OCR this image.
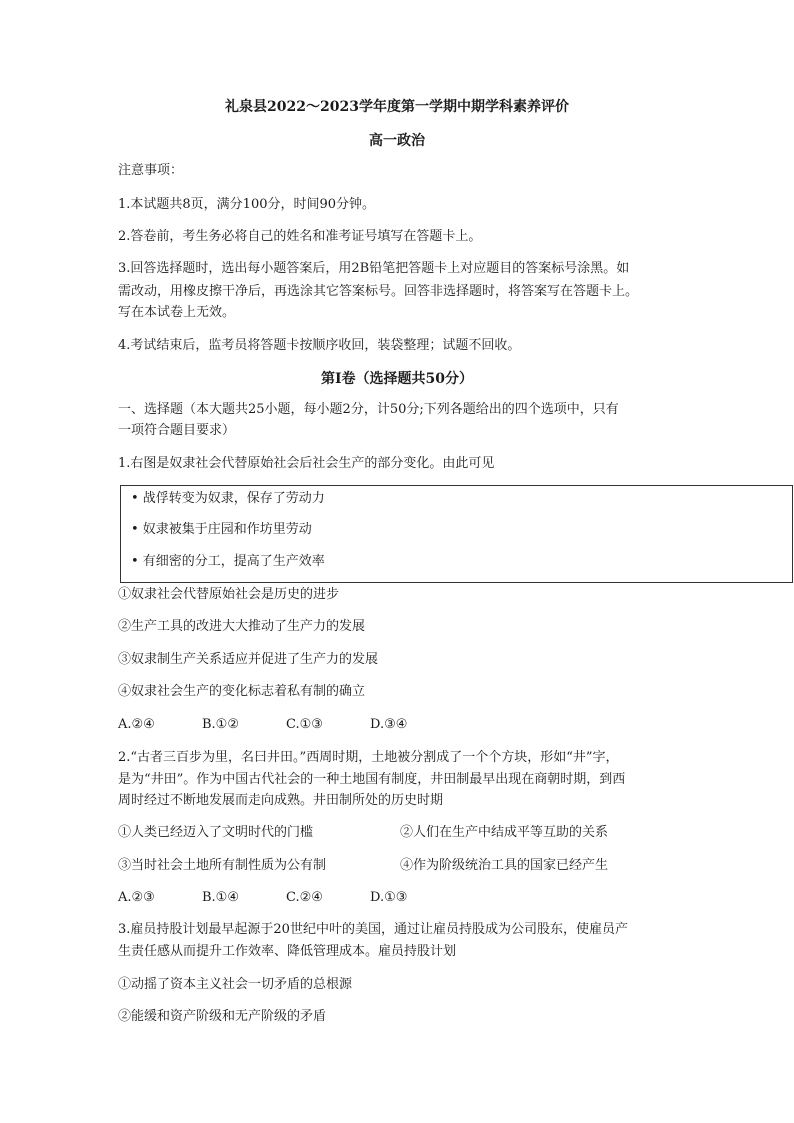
礼泉县2022～2023学年度第一学期中期学科素养评价
高一政治
注意事项：
1.本试题共8页，满分100分，时间90分钟。
2.答卷前，考生务必将自己的姓名和准考证号填写在答题卡上。
3.回答选择题时，选出每小题答案后，用2B铅笔把答题卡上对应题目的答案标号涂黑。如
需改动，用橡皮擦干净后，再选涂其它答案标号。回答非选择题时，将答案写在答题卡上。
写在本试卷上无效。
4.考试结束后，监考员将答题卡按顺序收回，装袋整理；试题不回收。
第Ⅰ卷（选择题共50分）
一、选择题（本大题共25小题，每小题2分，计50分;下列各题给出的四个选项中，只有
一项符合题目要求）
1.右图是奴隶社会代替原始社会后社会生产的部分变化。由此可见
• 战俘转变为奴隶，保存了劳动力
• 奴隶被集于庄园和作坊里劳动
• 有细密的分工，提高了生产效率
①奴隶社会代替原始社会是历史的进步
②生产工具的改进大大推动了生产力的发展
③奴隶制生产关系适应并促进了生产力的发展
④奴隶社会生产的变化标志着私有制的确立
A.②④	B.①②	C.①③	D.③④
2.“古者三百步为里，名曰井田。”西周时期，土地被分割成了一个个方块，形如“井”字，
是为“井田”。作为中国古代社会的一种土地国有制度，井田制最早出现在商朝时期，到西
周时经过不断地发展而走向成熟。井田制所处的历史时期
①人类已经迈入了文明时代的门槛	②人们在生产中结成平等互助的关系
③当时社会土地所有制性质为公有制	④作为阶级统治工具的国家已经产生
A.②③	B.①④	C.②④	D.①③
3.雇员持股计划最早起源于20世纪中叶的美国，通过让雇员持股成为公司股东，使雇员产
生责任感从而提升工作效率、降低管理成本。雇员持股计划
①动摇了资本主义社会一切矛盾的总根源
②能缓和资产阶级和无产阶级的矛盾
